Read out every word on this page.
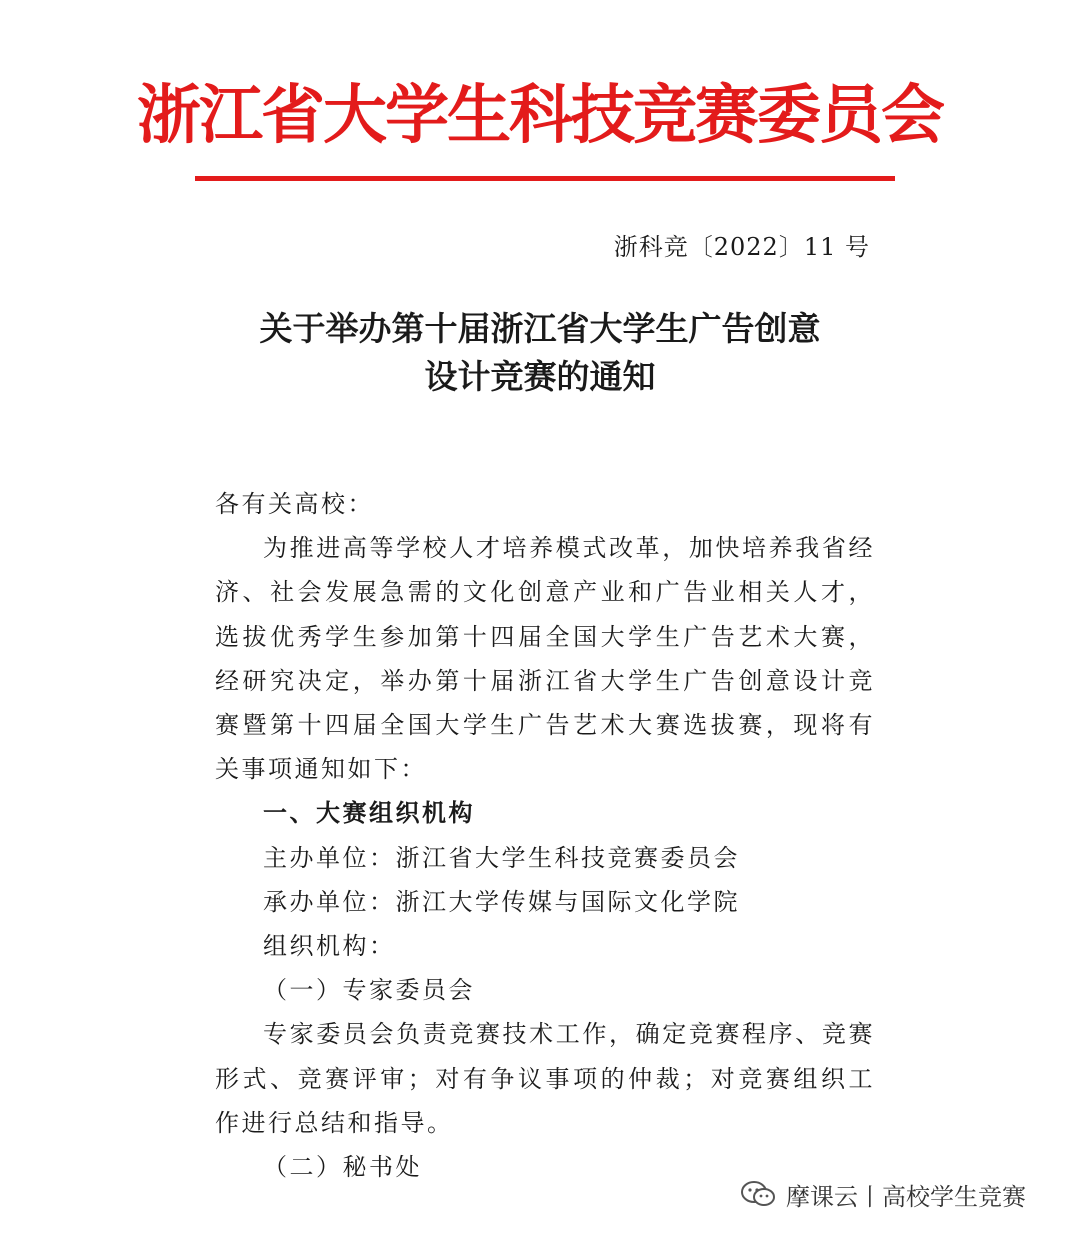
浙江省大学生科技竞赛委员会
浙科竞〔2022〕11 号
关于举办第十届浙江省大学生广告创意
设计竞赛的通知

各有关高校：

为推进高等学校人才培养模式改革，加快培养我省经济、社会发展急需的文化创意产业和广告业相关人才，选拔优秀学生参加第十四届全国大学生广告艺术大赛，经研究决定，举办第十届浙江省大学生广告创意设计竞赛暨第十四届全国大学生广告艺术大赛选拔赛，现将有关事项通知如下：

一、大赛组织机构

主办单位：浙江省大学生科技竞赛委员会

承办单位：浙江大学传媒与国际文化学院

组织机构：

（一）专家委员会

专家委员会负责竞赛技术工作，确定竞赛程序、竞赛形式、竞赛评审；对有争议事项的仲裁；对竞赛组织工作进行总结和指导。

（二）秘书处

摩课云丨高校学生竞赛
